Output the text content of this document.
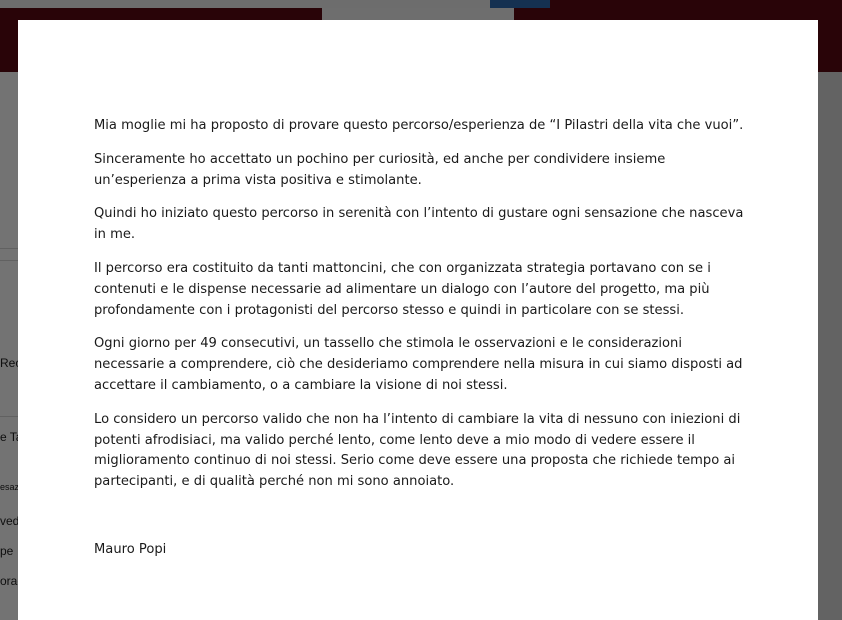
Mia moglie mi ha proposto di provare questo percorso/esperienza de “I Pilastri della vita che vuoi”.

Sinceramente ho accettato un pochino per curiosità, ed anche per condividere insieme un’esperienza a prima vista positiva e stimolante.

Quindi ho iniziato questo percorso in serenità con l’intento di gustare ogni sensazione che nasceva in me.

Il percorso era costituito da tanti mattoncini, che con organizzata strategia portavano con se i contenuti e le dispense necessarie ad alimentare un dialogo con l’autore del progetto, ma più profondamente con i protagonisti del percorso stesso e quindi in particolare con se stessi.

Ogni giorno per 49 consecutivi, un tassello che stimola le osservazioni e le considerazioni necessarie a comprendere, ciò che desideriamo comprendere nella misura in cui siamo disposti ad accettare il cambiamento, o a cambiare la visione di noi stessi.

Lo considero un percorso valido che non ha l’intento di cambiare la vita di nessuno con iniezioni di potenti afrodisiaci, ma valido perché lento, come lento deve a mio modo di vedere essere il miglioramento continuo di noi stessi. Serio come deve essere una proposta che richiede tempo ai partecipanti, e di qualità perché non mi sono annoiato.

Mauro Popi
